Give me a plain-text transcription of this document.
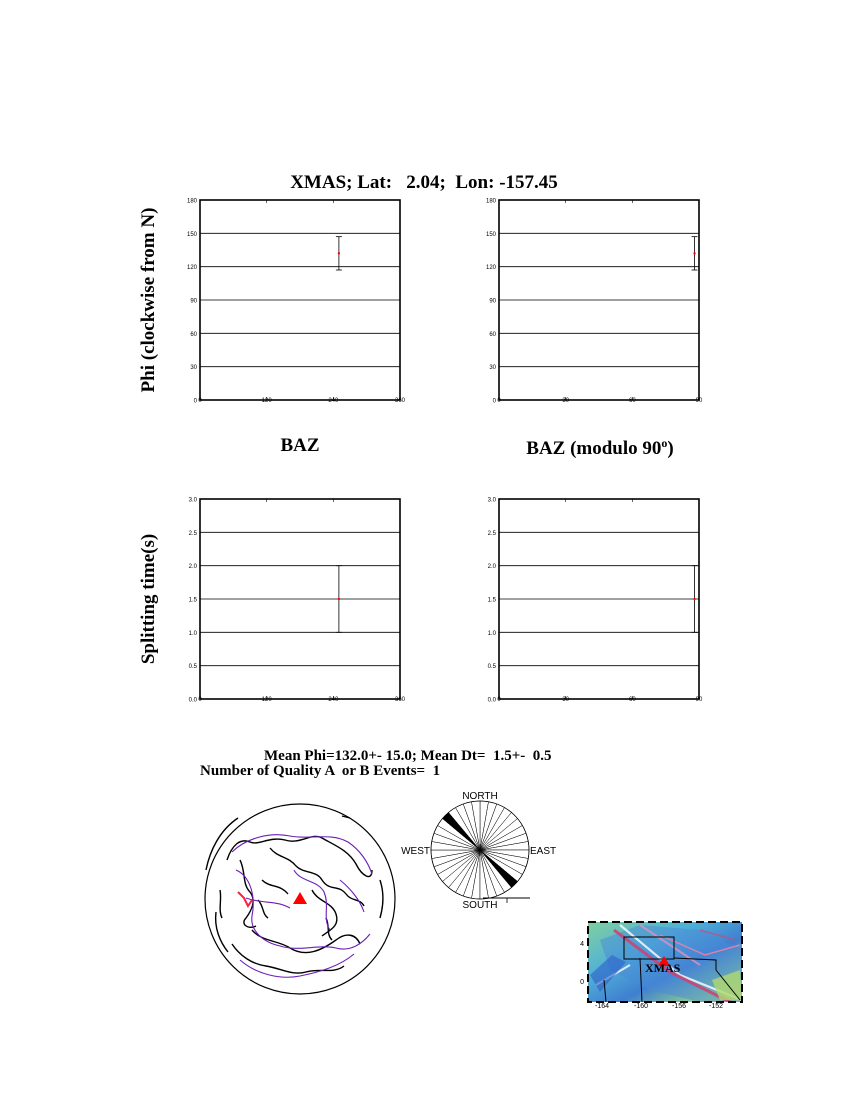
XMAS; Lat:   2.04;  Lon: -157.45
Phi (clockwise from N)
Splitting time(s)
BAZ	BAZ (modulo 90$^o$)
0
30
60
90
120
150
180
0	120	240	360	0
30
60
90
120
150
180
0	30	60	90
0.0
0.5
1.0
1.5
2.0
2.5
3.0
0	120	240	360	0.0
0.5
1.0
1.5
2.0
2.5
3.0
0	30	60	90
Mean Phi=132.0+- 15.0; Mean Dt=  1.5+-  0.5
Number of Quality A  or B Events=  1
NORTH
SOUTH
EAST
WEST
XMAS
4
0
-164	-160	-156	-152
